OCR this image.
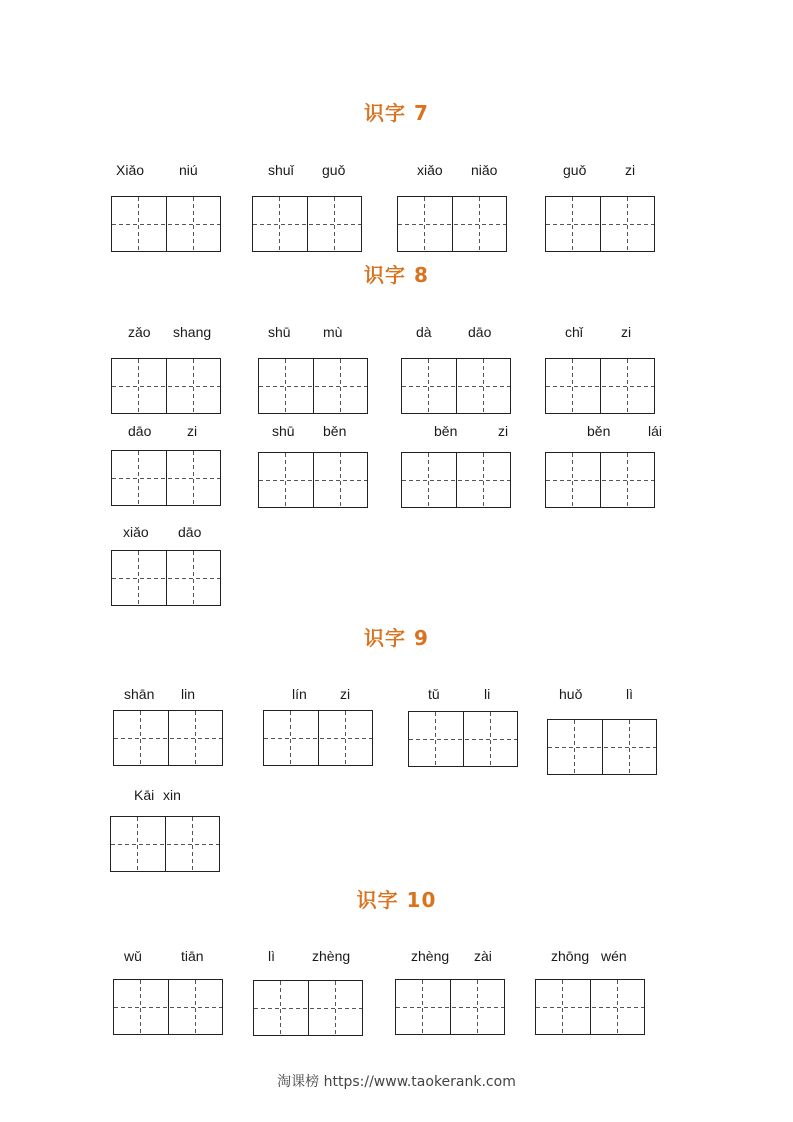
识字 7
Xiǎo niú	shuǐ guǒ	xiǎo niǎo	guǒ	zi
识字 8
zǎo shang	shū mù	dà	dāo	chǐ	zi
dāo	zi	shū běn	běn	zi	běn	lái
xiǎo dāo
识字 9
shān lin	lín zi	tǔ	li	huǒ	lì
Kāi xin
识字 10
wǔ	tiān	lì	zhèng	zhèng zài	zhōng wén
淘课榜 https://www.taokerank.com
